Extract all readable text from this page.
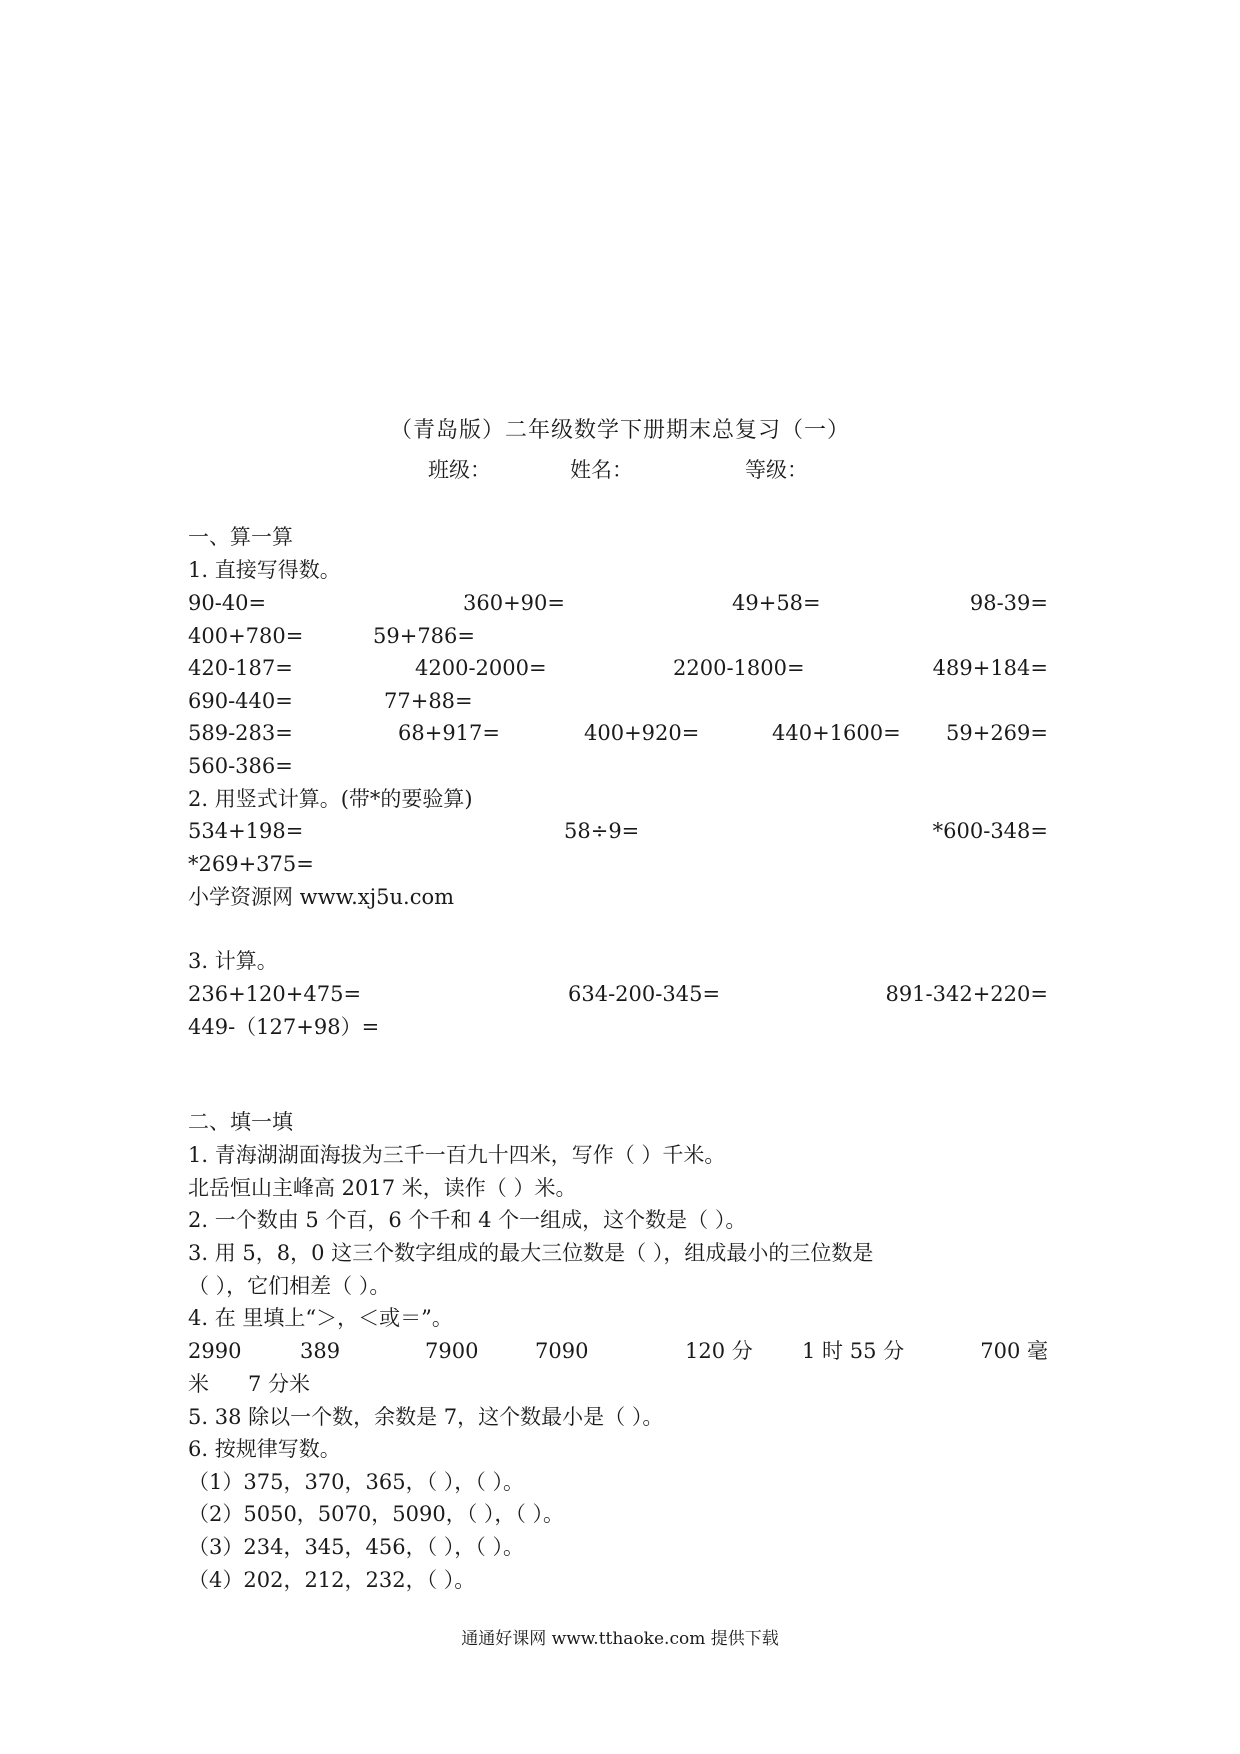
（青岛版）二年级数学下册期末总复习（一）
班级：	姓名：	等级：
一、算一算
1. 直接写得数。
90-40=	360+90=	49+58=	98-39=
400+780=	59+786=
420-187=	4200-2000=	2200-1800=	489+184=
690-440=	77+88=
589-283=	68+917=	400+920=	440+1600= 59+269=
560-386=
2. 用竖式计算。(带*的要验算)
534+198=	58÷9=	*600-348=
*269+375=
小学资源网 www.xj5u.com
3. 计算。
236+120+475=	634-200-345=	891-342+220=
449-（127+98）=
二、填一填
1. 青海湖湖面海拔为三千一百九十四米，写作（ ）千米。
北岳恒山主峰高 2017 米，读作（ ）米。
2. 一个数由 5 个百，6 个千和 4 个一组成，这个数是（ ）。
3. 用 5，8，0 这三个数字组成的最大三位数是（ ），组成最小的三位数是
（ ），它们相差（ ）。
4. 在 里填上“＞，＜或＝”。
2990	389	7900	7090	120 分 1 时 55 分	700 毫
米 7 分米
5. 38 除以一个数，余数是 7，这个数最小是（ ）。
6. 按规律写数。
（1）375，370，365，（ ），（ ）。
（2）5050，5070，5090，（ ），（ ）。
（3）234，345，456，（ ），（ ）。
（4）202，212，232，（ ）。
通通好课网 www.tthaoke.com 提供下载
